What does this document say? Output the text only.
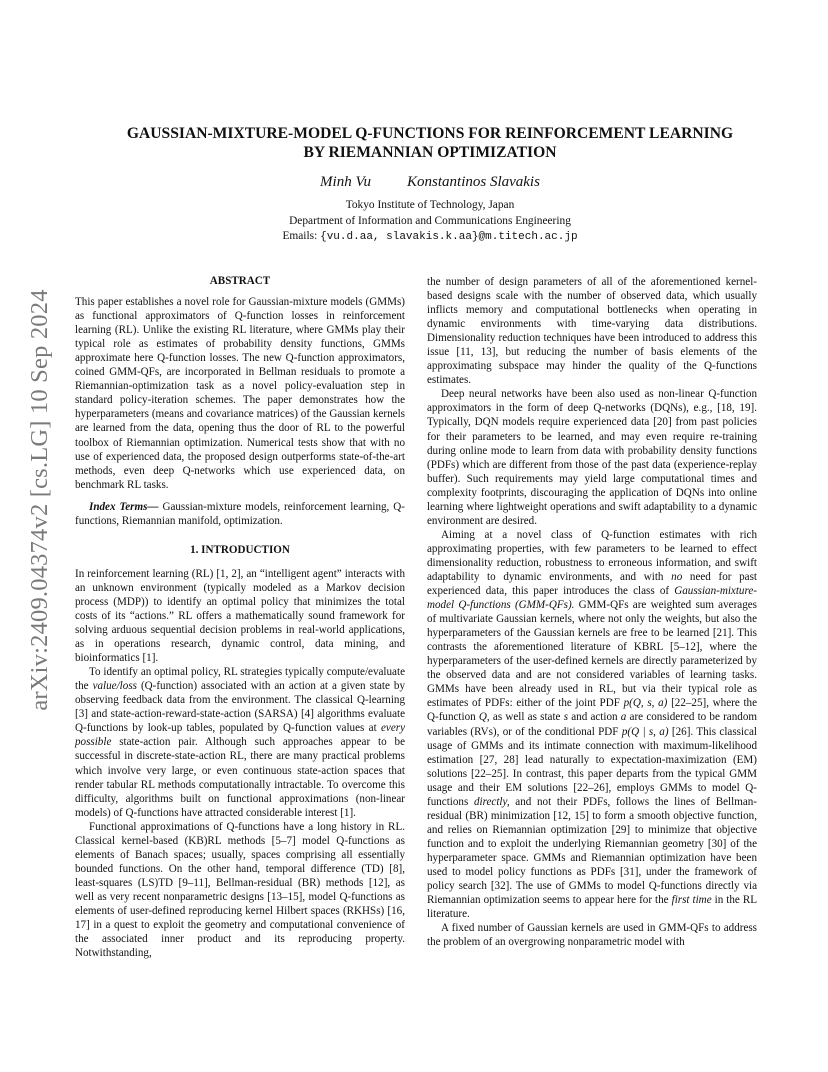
arXiv:2409.04374v2 [cs.LG] 10 Sep 2024
GAUSSIAN-MIXTURE-MODEL Q-FUNCTIONS FOR REINFORCEMENT LEARNING
BY RIEMANNIAN OPTIMIZATION
Minh Vu Konstantinos Slavakis
Tokyo Institute of Technology, Japan
Department of Information and Communications Engineering
Emails: {vu.d.aa, slavakis.k.aa}@m.titech.ac.jp
ABSTRACT

This paper establishes a novel role for Gaussian-mixture models (GMMs) as functional approximators of Q-function losses in reinforcement learning (RL). Unlike the existing RL literature, where GMMs play their typical role as estimates of probability density functions, GMMs approximate here Q-function losses. The new Q-function approximators, coined GMM-QFs, are incorporated in Bellman residuals to promote a Riemannian-optimization task as a novel policy-evaluation step in standard policy-iteration schemes. The paper demonstrates how the hyperparameters (means and covariance matrices) of the Gaussian kernels are learned from the data, opening thus the door of RL to the powerful toolbox of Riemannian optimization. Numerical tests show that with no use of experienced data, the proposed design outperforms state-of-the-art methods, even deep Q-networks which use experienced data, on benchmark RL tasks.

Index Terms— Gaussian-mixture models, reinforcement learning, Q-functions, Riemannian manifold, optimization.

1. INTRODUCTION

In reinforcement learning (RL) [1, 2], an “intelligent agent” interacts with an unknown environment (typically modeled as a Markov decision process (MDP)) to identify an optimal policy that minimizes the total costs of its “actions.” RL offers a mathematically sound framework for solving arduous sequential decision problems in real-world applications, as in operations research, dynamic control, data mining, and bioinformatics [1].

To identify an optimal policy, RL strategies typically compute/evaluate the value/loss (Q-function) associated with an action at a given state by observing feedback data from the environment. The classical Q-learning [3] and state-action-reward-state-action (SARSA) [4] algorithms evaluate Q-functions by look-up tables, populated by Q-function values at every possible state-action pair. Although such approaches appear to be successful in discrete-state-action RL, there are many practical problems which involve very large, or even continuous state-action spaces that render tabular RL methods computationally intractable. To overcome this difficulty, algorithms built on functional approximations (non-linear models) of Q-functions have attracted considerable interest [1].

Functional approximations of Q-functions have a long history in RL. Classical kernel-based (KB)RL methods [5–7] model Q-functions as elements of Banach spaces; usually, spaces comprising all essentially bounded functions. On the other hand, temporal difference (TD) [8], least-squares (LS)TD [9–11], Bellman-residual (BR) methods [12], as well as very recent nonparametric designs [13–15], model Q-functions as elements of user-defined reproducing kernel Hilbert spaces (RKHSs) [16, 17] in a quest to exploit the geometry and computational convenience of the associated inner product and its reproducing property. Notwithstanding,

the number of design parameters of all of the aforementioned kernel-based designs scale with the number of observed data, which usually inflicts memory and computational bottlenecks when operating in dynamic environments with time-varying data distributions. Dimensionality reduction techniques have been introduced to address this issue [11, 13], but reducing the number of basis elements of the approximating subspace may hinder the quality of the Q-functions estimates.

Deep neural networks have been also used as non-linear Q-function approximators in the form of deep Q-networks (DQNs), e.g., [18, 19]. Typically, DQN models require experienced data [20] from past policies for their parameters to be learned, and may even require re-training during online mode to learn from data with probability density functions (PDFs) which are different from those of the past data (experience-replay buffer). Such requirements may yield large computational times and complexity footprints, discouraging the application of DQNs into online learning where lightweight operations and swift adaptability to a dynamic environment are desired.

Aiming at a novel class of Q-function estimates with rich approximating properties, with few parameters to be learned to effect dimensionality reduction, robustness to erroneous information, and swift adaptability to dynamic environments, and with no need for past experienced data, this paper introduces the class of Gaussian-mixture-model Q-functions (GMM-QFs). GMM-QFs are weighted sum averages of multivariate Gaussian kernels, where not only the weights, but also the hyperparameters of the Gaussian kernels are free to be learned [21]. This contrasts the aforementioned literature of KBRL [5–12], where the hyperparameters of the user-defined kernels are directly parameterized by the observed data and are not considered variables of learning tasks. GMMs have been already used in RL, but via their typical role as estimates of PDFs: either of the joint PDF p(Q, s, a) [22–25], where the Q-function Q, as well as state s and action a are considered to be random variables (RVs), or of the conditional PDF p(Q | s, a) [26]. This classical usage of GMMs and its intimate connection with maximum-likelihood estimation [27, 28] lead naturally to expectation-maximization (EM) solutions [22–25]. In contrast, this paper departs from the typical GMM usage and their EM solutions [22–26], employs GMMs to model Q-functions directly, and not their PDFs, follows the lines of Bellman-residual (BR) minimization [12, 15] to form a smooth objective function, and relies on Riemannian optimization [29] to minimize that objective function and to exploit the underlying Riemannian geometry [30] of the hyperparameter space. GMMs and Riemannian optimization have been used to model policy functions as PDFs [31], under the framework of policy search [32]. The use of GMMs to model Q-functions directly via Riemannian optimization seems to appear here for the first time in the RL literature.

A fixed number of Gaussian kernels are used in GMM-QFs to address the problem of an overgrowing nonparametric model with
